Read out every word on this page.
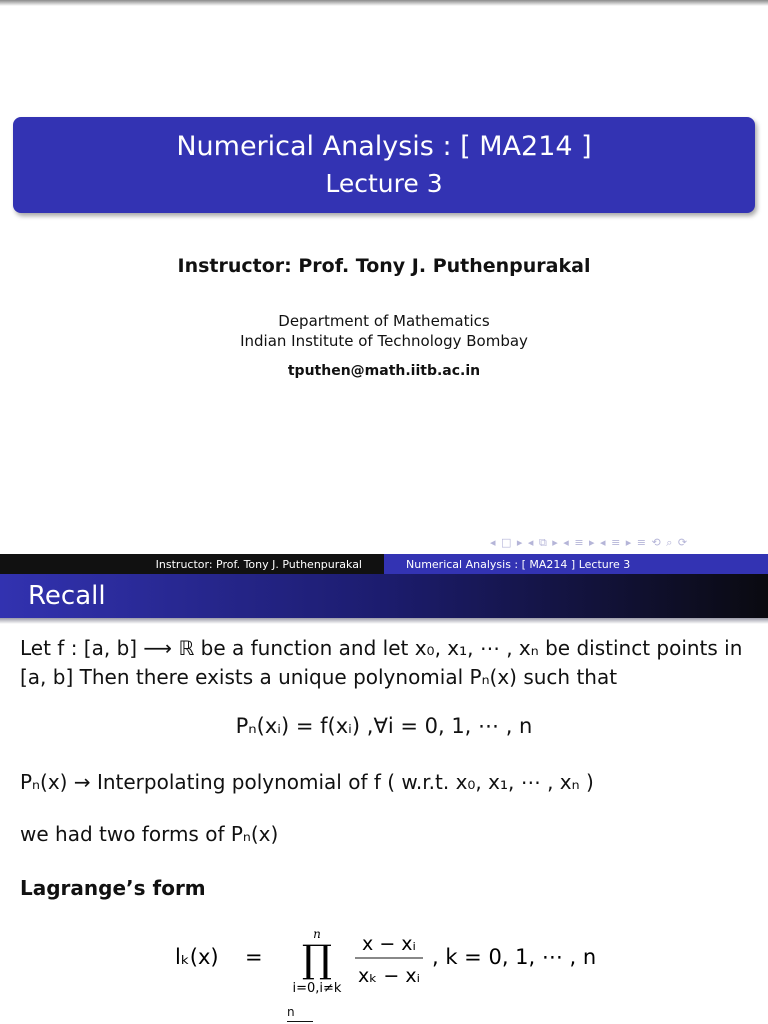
Numerical Analysis : [ MA214 ]
Lecture 3
Instructor: Prof. Tony J. Puthenpurakal
Department of Mathematics
Indian Institute of Technology Bombay
tputhen@math.iitb.ac.in
◂ □ ▸ ◂ ⧉ ▸ ◂ ≡ ▸ ◂ ≡ ▸ ≡ ⟲ ⌕ ⟳
Instructor: Prof. Tony J. Puthenpurakal	Numerical Analysis : [ MA214 ] Lecture 3
Recall
Let f : [a, b] ⟶ ℝ be a function and let x₀, x₁, ⋯ , xₙ be distinct points in [a, b] Then there exists a unique polynomial Pₙ(x) such that
Pₙ(xᵢ) = f(xᵢ) ,∀i = 0, 1, ⋯ , n
Pₙ(x) → Interpolating polynomial of f ( w.r.t. x₀, x₁, ⋯ , xₙ )
we had two forms of Pₙ(x)
Lagrange’s form
lₖ(x) =
n
∏
i=0,i≠k
x − xᵢ
xₖ − xᵢ
, k = 0, 1, ⋯ , n
n
